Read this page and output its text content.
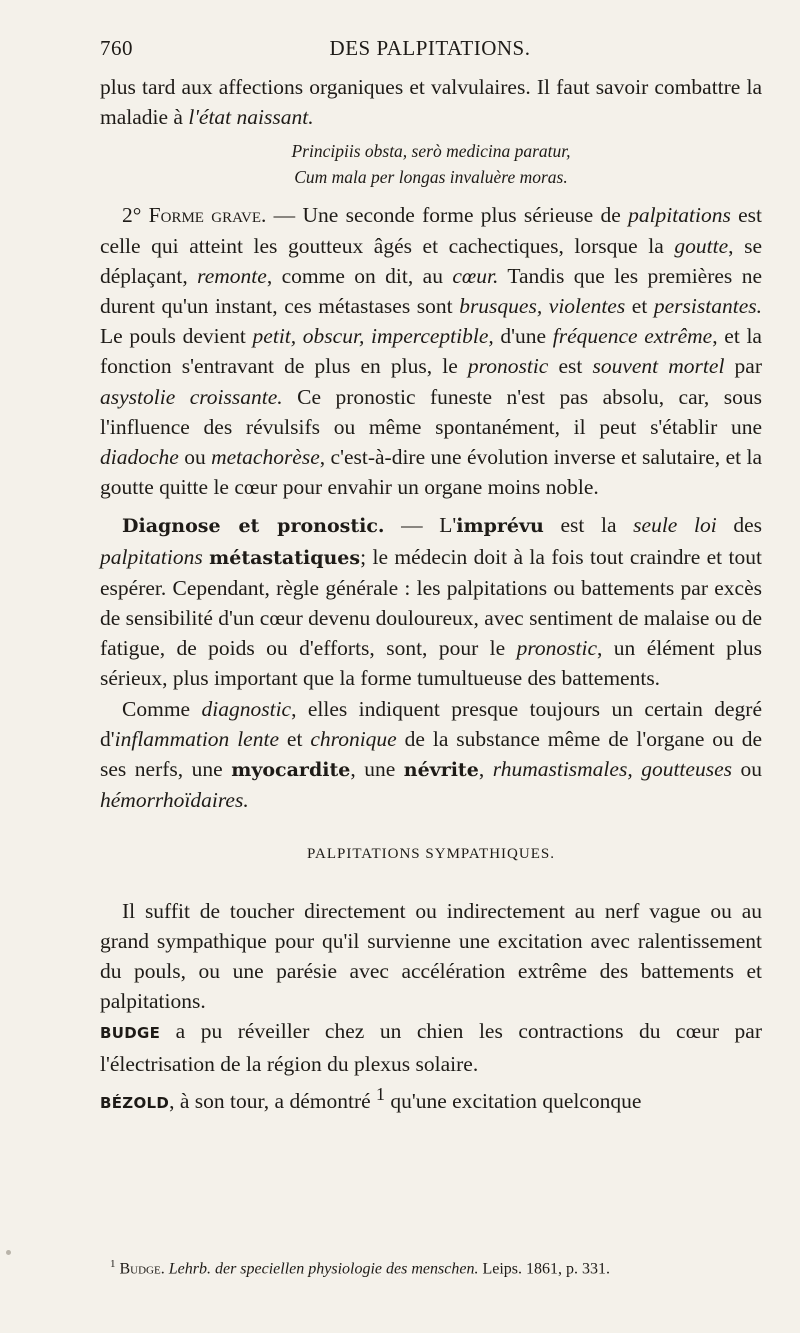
760	DES PALPITATIONS.

plus tard aux affections organiques et valvulaires. Il faut savoir combattre la maladie à l'état naissant.

Principiis obsta, serò medicina paratur,
Cum mala per longas invaluère moras.

2° Forme grave. — Une seconde forme plus sérieuse de palpitations est celle qui atteint les goutteux âgés et cachectiques, lorsque la goutte, se déplaçant, remonte, comme on dit, au cœur. Tandis que les premières ne durent qu'un instant, ces métastases sont brusques, violentes et persistantes. Le pouls devient petit, obscur, imperceptible, d'une fréquence extrême, et la fonction s'entravant de plus en plus, le pronostic est souvent mortel par asystolie croissante. Ce pronostic funeste n'est pas absolu, car, sous l'influence des révulsifs ou même spontanément, il peut s'établir une diadoche ou metachorèse, c'est-à-dire une évolution inverse et salutaire, et la goutte quitte le cœur pour envahir un organe moins noble.

Diagnose et pronostic. — L'imprévu est la seule loi des palpitations métastatiques; le médecin doit à la fois tout craindre et tout espérer. Cependant, règle générale : les palpitations ou battements par excès de sensibilité d'un cœur devenu douloureux, avec sentiment de malaise ou de fatigue, de poids ou d'efforts, sont, pour le pronostic, un élément plus sérieux, plus important que la forme tumultueuse des battements.

Comme diagnostic, elles indiquent presque toujours un certain degré d'inflammation lente et chronique de la substance même de l'organe ou de ses nerfs, une myocardite, une névrite, rhumastismales, goutteuses ou hémorrhoïdaires.

PALPITATIONS SYMPATHIQUES.

Il suffit de toucher directement ou indirectement au nerf vague ou au grand sympathique pour qu'il survienne une excitation avec ralentissement du pouls, ou une parésie avec accélération extrême des battements et palpitations.

BUDGE a pu réveiller chez un chien les contractions du cœur par l'électrisation de la région du plexus solaire.

BÉZOLD, à son tour, a démontré $^1$ qu'une excitation quelconque

$^1$ Budge. Lehrb. der speciellen physiologie des menschen. Leips. 1861, p. 331.
